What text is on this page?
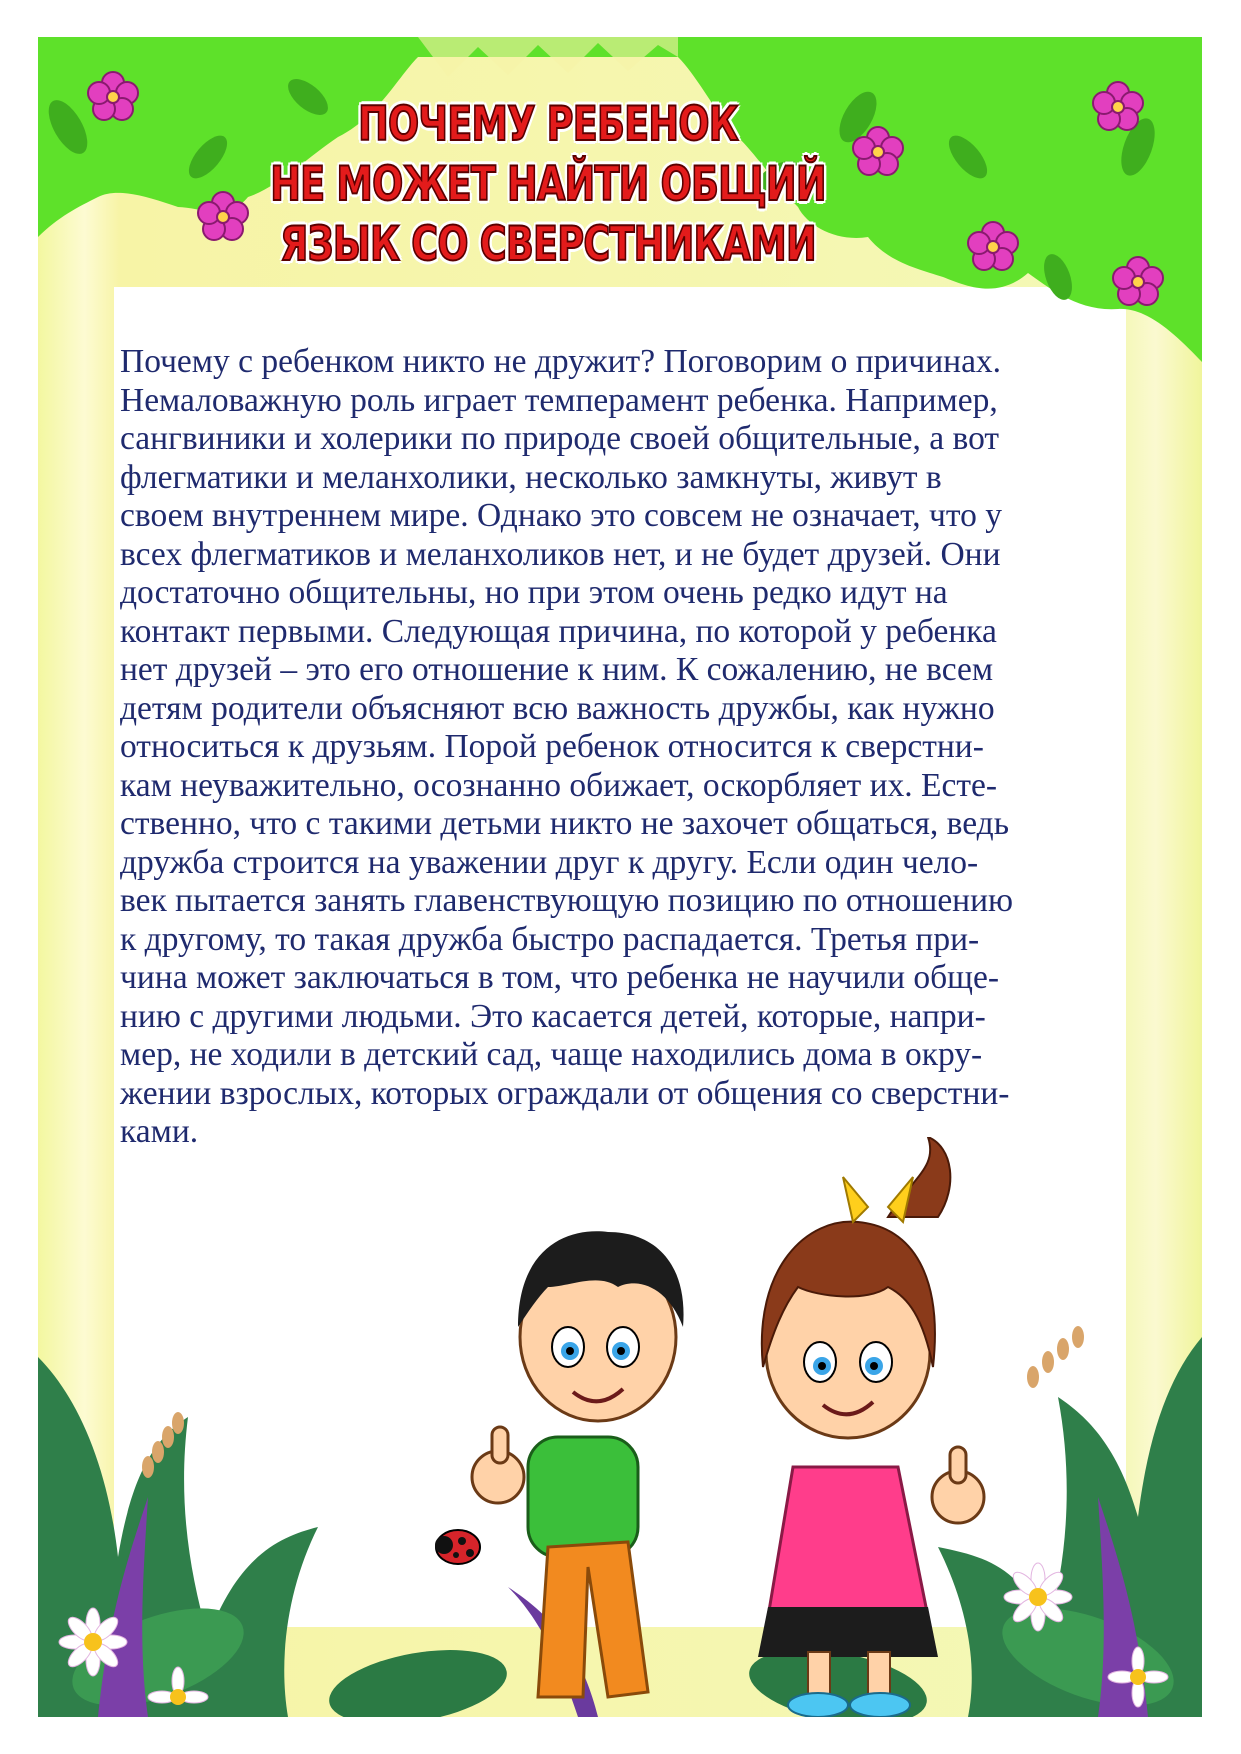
ПОЧЕМУ РЕБЕНОК
НЕ МОЖЕТ НАЙТИ ОБЩИЙ
ЯЗЫК СО СВЕРСТНИКАМИ

Почему с ребенком никто не дружит? Поговорим о причинах.
Немаловажную роль играет темперамент ребенка. Например,
сангвиники и холерики по природе своей общительные, а вот
флегматики и меланхолики, несколько замкнуты, живут в
своем внутреннем мире. Однако это совсем не означает, что у
всех флегматиков и меланхоликов нет, и не будет друзей. Они
достаточно общительны, но при этом очень редко идут на
контакт первыми. Следующая причина, по которой у ребенка
нет друзей – это его отношение к ним. К сожалению, не всем
детям родители объясняют всю важность дружбы, как нужно
относиться к друзьям. Порой ребенок относится к сверстни-
кам неуважительно, осознанно обижает, оскорбляет их. Есте-
ственно, что с такими детьми никто не захочет общаться, ведь
дружба строится на уважении друг к другу. Если один чело-
век пытается занять главенствующую позицию по отношению
к другому, то такая дружба быстро распадается. Третья при-
чина может заключаться в том, что ребенка не научили обще-
нию с другими людьми. Это касается детей, которые, напри-
мер, не ходили в детский сад, чаще находились дома в окру-
жении взрослых, которых ограждали от общения со сверстни-
ками.
